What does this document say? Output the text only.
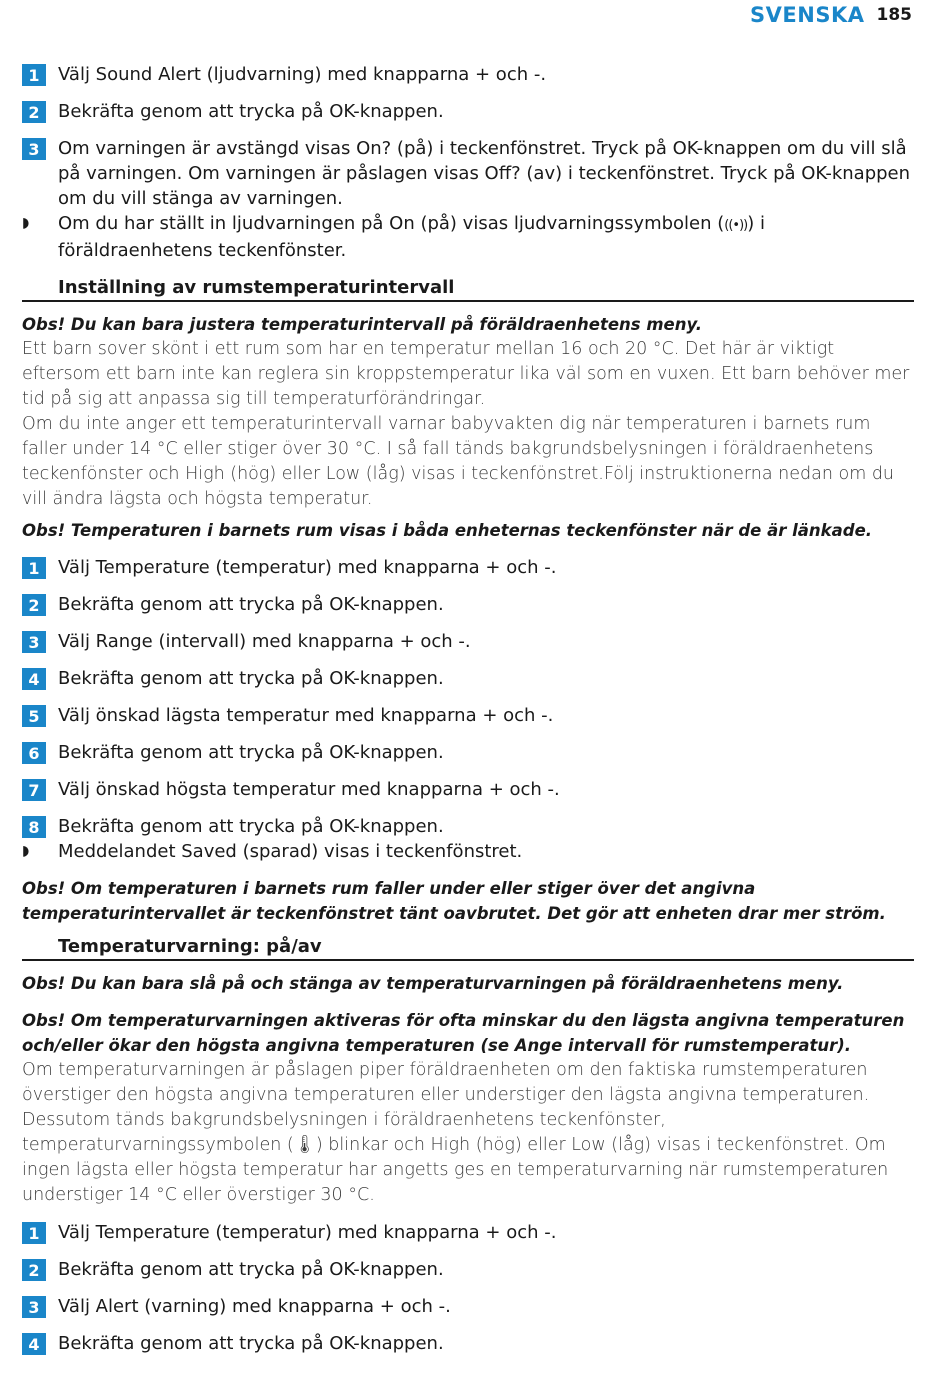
SVENSKA 185
1	Välj Sound Alert (ljudvarning) med knapparna + och -.
2	Bekräfta genom att trycka på OK-knappen.
3	Om varningen är avstängd visas On? (på) i teckenfönstret. Tryck på OK-knappen om du vill slå på varningen. Om varningen är påslagen visas Off? (av) i teckenfönstret. Tryck på OK-knappen om du vill stänga av varningen.
◗	Om du har ställt in ljudvarningen på On (på) visas ljudvarningssymbolen (((•))) i föräldraenhetens teckenfönster.
Inställning av rumstemperaturintervall
Obs! Du kan bara justera temperaturintervall på föräldraenhetens meny.
Ett barn sover skönt i ett rum som har en temperatur mellan 16 och 20 °C. Det här är viktigt eftersom ett barn inte kan reglera sin kroppstemperatur lika väl som en vuxen. Ett barn behöver mer tid på sig att anpassa sig till temperaturförändringar.
Om du inte anger ett temperaturintervall varnar babyvakten dig när temperaturen i barnets rum faller under 14 °C eller stiger över 30 °C. I så fall tänds bakgrundsbelysningen i föräldraenhetens teckenfönster och High (hög) eller Low (låg) visas i teckenfönstret.Följ instruktionerna nedan om du vill ändra lägsta och högsta temperatur.
Obs! Temperaturen i barnets rum visas i båda enheternas teckenfönster när de är länkade.
1	Välj Temperature (temperatur) med knapparna + och -.
2	Bekräfta genom att trycka på OK-knappen.
3	Välj Range (intervall) med knapparna + och -.
4	Bekräfta genom att trycka på OK-knappen.
5	Välj önskad lägsta temperatur med knapparna + och -.
6	Bekräfta genom att trycka på OK-knappen.
7	Välj önskad högsta temperatur med knapparna + och -.
8	Bekräfta genom att trycka på OK-knappen.
◗	Meddelandet Saved (sparad) visas i teckenfönstret.
Obs! Om temperaturen i barnets rum faller under eller stiger över det angivna temperaturintervallet är teckenfönstret tänt oavbrutet. Det gör att enheten drar mer ström.
Temperaturvarning: på/av
Obs! Du kan bara slå på och stänga av temperaturvarningen på föräldraenhetens meny.
Obs! Om temperaturvarningen aktiveras för ofta minskar du den lägsta angivna temperaturen och/eller ökar den högsta angivna temperaturen (se Ange intervall för rumstemperatur).
Om temperaturvarningen är påslagen piper föräldraenheten om den faktiska rumstemperaturen överstiger den högsta angivna temperaturen eller understiger den lägsta angivna temperaturen. Dessutom tänds bakgrundsbelysningen i föräldraenhetens teckenfönster, temperaturvarningssymbolen (🌡) blinkar och High (hög) eller Low (låg) visas i teckenfönstret. Om ingen lägsta eller högsta temperatur har angetts ges en temperaturvarning när rumstemperaturen understiger 14 °C eller överstiger 30 °C.
1	Välj Temperature (temperatur) med knapparna + och -.
2	Bekräfta genom att trycka på OK-knappen.
3	Välj Alert (varning) med knapparna + och -.
4	Bekräfta genom att trycka på OK-knappen.
